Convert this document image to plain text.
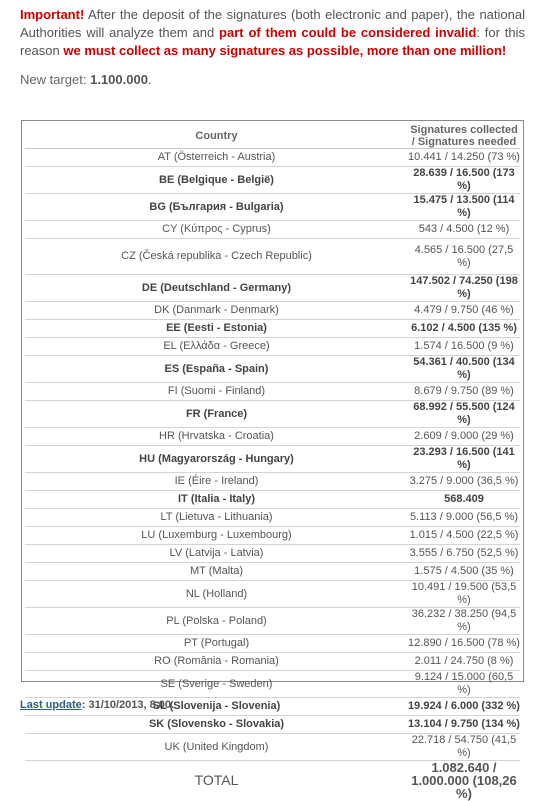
Important! After the deposit of the signatures (both electronic and paper), the national Authorities will analyze them and part of them could be considered invalid: for this reason we must collect as many signatures as possible, more than one million!
New target: 1.100.000.
Country	Signatures collected / Signatures needed
AT (Österreich - Austria)	10.441 / 14.250 (73 %)
BE (Belgique - België)	28.639 / 16.500 (173 %)
BG (България - Bulgaria)	15.475 / 13.500 (114 %)
CY (Κύπρος - Cyprus)	543 / 4.500 (12 %)
CZ (Česká republika - Czech Republic)	4.565 / 16.500 (27,5 %)
DE (Deutschland - Germany)	147.502 / 74.250 (198 %)
DK (Danmark - Denmark)	4.479 / 9.750 (46 %)
EE (Eesti - Estonia)	6.102 / 4.500 (135 %)
EL (Ελλάδα - Greece)	1.574 / 16.500 (9 %)
ES (España - Spain)	54.361 / 40.500 (134 %)
FI (Suomi - Finland)	8.679 / 9.750 (89 %)
FR (France)	68.992 / 55.500 (124 %)
HR (Hrvatska - Croatia)	2.609 / 9.000 (29 %)
HU (Magyarország - Hungary)	23.293 / 16.500 (141 %)
IE (Éire - Ireland)	3.275 / 9.000 (36,5 %)
IT (Italia - Italy)	568.409
LT (Lietuva - Lithuania)	5.113 / 9.000 (56,5 %)
LU (Luxemburg - Luxembourg)	1.015 / 4.500 (22,5 %)
LV (Latvija - Latvia)	3.555 / 6.750 (52,5 %)
MT (Malta)	1.575 / 4.500 (35 %)
NL (Holland)	10.491 / 19.500 (53,5 %)
PL (Polska - Poland)	36.232 / 38.250 (94,5 %)
PT (Portugal)	12.890 / 16.500 (78 %)
RO (România - Romania)	2.011 / 24.750 (8 %)
SE (Sverige - Sweden)	9.124 / 15.000 (60,5 %)
SL (Slovenija - Slovenia)	19.924 / 6.000 (332 %)
SK (Slovensko - Slovakia)	13.104 / 9.750 (134 %)
UK (United Kingdom)	22.718 / 54.750 (41,5 %)
TOTAL	1.082.640 / 1.000.000 (108,26 %)
Last update: 31/10/2013, 8.00.
